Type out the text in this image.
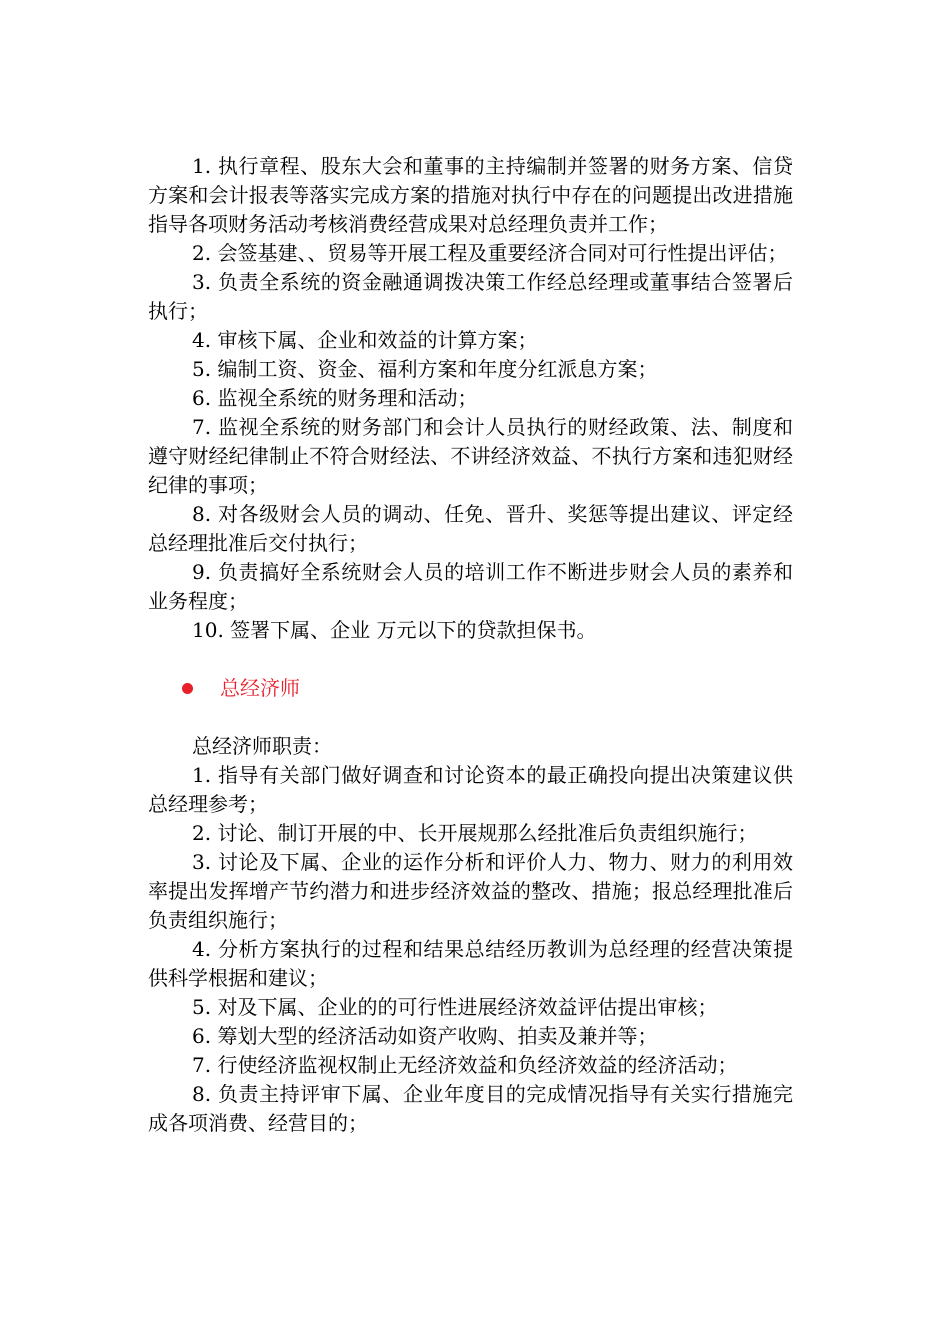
1. 执行章程、股东大会和董事的主持编制并签署的财务方案、信贷方案和会计报表等落实完成方案的措施对执行中存在的问题提出改进措施指导各项财务活动考核消费经营成果对总经理负责并工作；

2. 会签基建、、贸易等开展工程及重要经济合同对可行性提出评估；

3. 负责全系统的资金融通调拨决策工作经总经理或董事结合签署后执行；

4. 审核下属、企业和效益的计算方案；

5. 编制工资、资金、福利方案和年度分红派息方案；

6. 监视全系统的财务理和活动；

7. 监视全系统的财务部门和会计人员执行的财经政策、法、制度和遵守财经纪律制止不符合财经法、不讲经济效益、不执行方案和违犯财经纪律的事项；

8. 对各级财会人员的调动、任免、晋升、奖惩等提出建议、评定经总经理批准后交付执行；

9. 负责搞好全系统财会人员的培训工作不断进步财会人员的素养和业务程度；

10. 签署下属、企业 万元以下的贷款担保书。

总经济师

总经济师职责：

1. 指导有关部门做好调查和讨论资本的最正确投向提出决策建议供总经理参考；

2. 讨论、制订开展的中、长开展规那么经批准后负责组织施行；

3. 讨论及下属、企业的运作分析和评价人力、物力、财力的利用效率提出发挥增产节约潜力和进步经济效益的整改、措施；报总经理批准后负责组织施行；

4. 分析方案执行的过程和结果总结经历教训为总经理的经营决策提供科学根据和建议；

5. 对及下属、企业的的可行性进展经济效益评估提出审核；

6. 筹划大型的经济活动如资产收购、拍卖及兼并等；

7. 行使经济监视权制止无经济效益和负经济效益的经济活动；

8. 负责主持评审下属、企业年度目的完成情况指导有关实行措施完成各项消费、经营目的；
